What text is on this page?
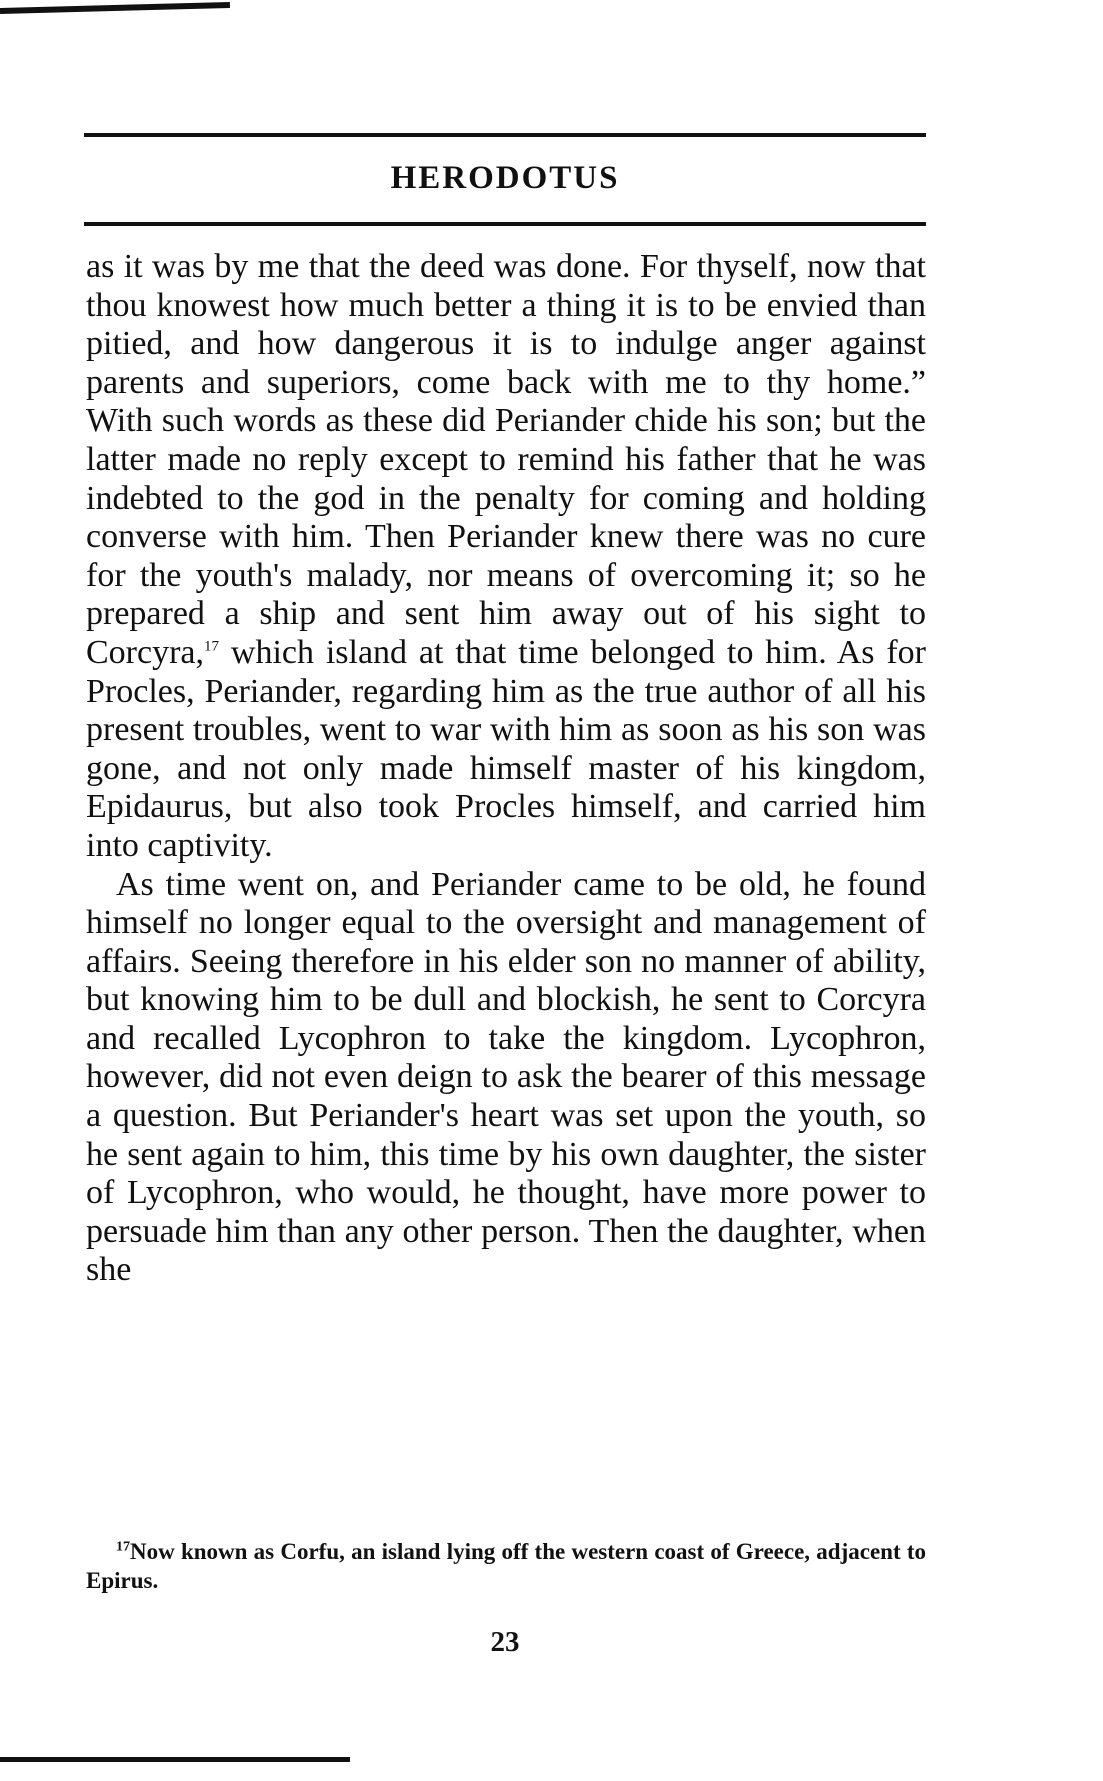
HERODOTUS

as it was by me that the deed was done. For thyself, now that thou knowest how much better a thing it is to be envied than pitied, and how dangerous it is to indulge anger against parents and superiors, come back with me to thy home.” With such words as these did Periander chide his son; but the latter made no reply except to remind his father that he was indebted to the god in the penalty for coming and holding converse with him. Then Periander knew there was no cure for the youth's malady, nor means of overcoming it; so he prepared a ship and sent him away out of his sight to Corcyra,$^{17}$ which island at that time belonged to him. As for Procles, Periander, regarding him as the true author of all his present troubles, went to war with him as soon as his son was gone, and not only made himself master of his kingdom, Epidaurus, but also took Procles himself, and carried him into captivity.

As time went on, and Periander came to be old, he found himself no longer equal to the oversight and management of affairs. Seeing therefore in his elder son no manner of ability, but knowing him to be dull and blockish, he sent to Corcyra and recalled Lycophron to take the kingdom. Lycophron, however, did not even deign to ask the bearer of this message a question. But Periander's heart was set upon the youth, so he sent again to him, this time by his own daughter, the sister of Lycophron, who would, he thought, have more power to persuade him than any other person. Then the daughter, when she

$^{17}$Now known as Corfu, an island lying off the western coast of Greece, adjacent to Epirus.
23
